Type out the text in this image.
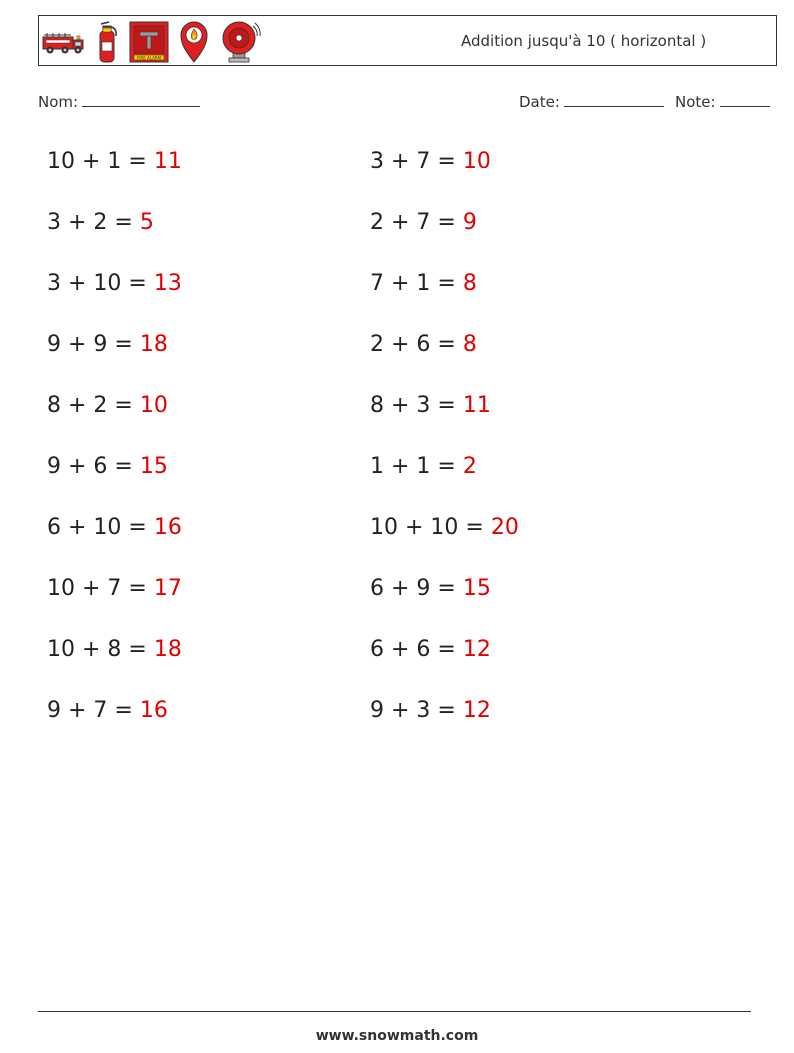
FIRE ALARM
Addition jusqu'à 10 ( horizontal )
Nom:	Date:	Note:
10 + 1 = 11
3 + 2 = 5
3 + 10 = 13
9 + 9 = 18
8 + 2 = 10
9 + 6 = 15
6 + 10 = 16
10 + 7 = 17
10 + 8 = 18
9 + 7 = 16
3 + 7 = 10
2 + 7 = 9
7 + 1 = 8
2 + 6 = 8
8 + 3 = 11
1 + 1 = 2
10 + 10 = 20
6 + 9 = 15
6 + 6 = 12
9 + 3 = 12
www.snowmath.com
